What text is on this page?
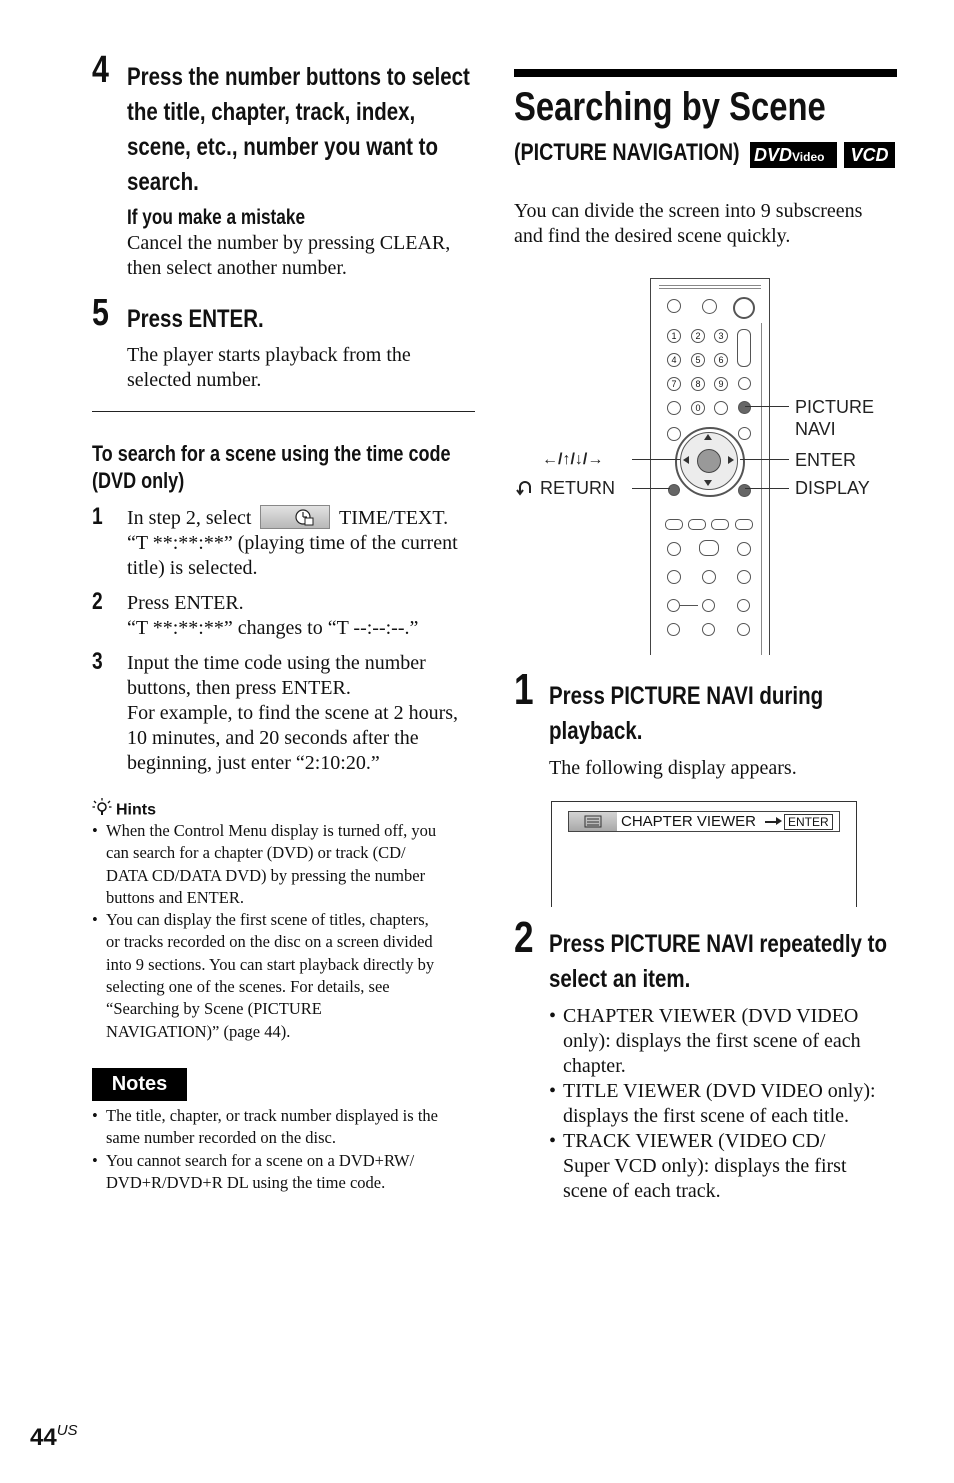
4 Press the number buttons to select
the title, chapter, track, index,
scene, etc., number you want to
search.
If you make a mistake
Cancel the number by pressing CLEAR,
then select another number.
5 Press ENTER.
The player starts playback from the
selected number.
To search for a scene using the time code
(DVD only)
1 In step 2, select	TIME/TEXT.
“T **:**:**” (playing time of the current
title) is selected.
2 Press ENTER.
“T **:**:**” changes to “T --:--:--.”
3 Input the time code using the number
buttons, then press ENTER.
For example, to find the scene at 2 hours,
10 minutes, and 20 seconds after the
beginning, just enter “2:10:20.”
Hints
• When the Control Menu display is turned off, you
can search for a chapter (DVD) or track (CD/
DATA CD/DATA DVD) by pressing the number
buttons and ENTER.
• You can display the first scene of titles, chapters,
or tracks recorded on the disc on a screen divided
into 9 sections. You can start playback directly by
selecting one of the scenes. For details, see
“Searching by Scene (PICTURE
NAVIGATION)” (page 44).
Notes
• The title, chapter, or track number displayed is the
same number recorded on the disc.
• You cannot search for a scene on a DVD+RW/
DVD+R/DVD+R DL using the time code.
Searching by Scene
(PICTURE NAVIGATION) DVDVideo	VCD
You can divide the screen into 9 subscreens
and find the desired scene quickly.
1	2	3
4	5	6
7	8	9
0	PICTURE
NAVI
ENTER
DISPLAY
←/↑/↓/→
RETURN
1 Press PICTURE NAVI during
playback.
The following display appears.
CHAPTER VIEWER	ENTER
2 Press PICTURE NAVI repeatedly to
select an item.
• CHAPTER VIEWER (DVD VIDEO
only): displays the first scene of each
chapter.
• TITLE VIEWER (DVD VIDEO only):
displays the first scene of each title.
• TRACK VIEWER (VIDEO CD/
Super VCD only): displays the first
scene of each track.
44US
